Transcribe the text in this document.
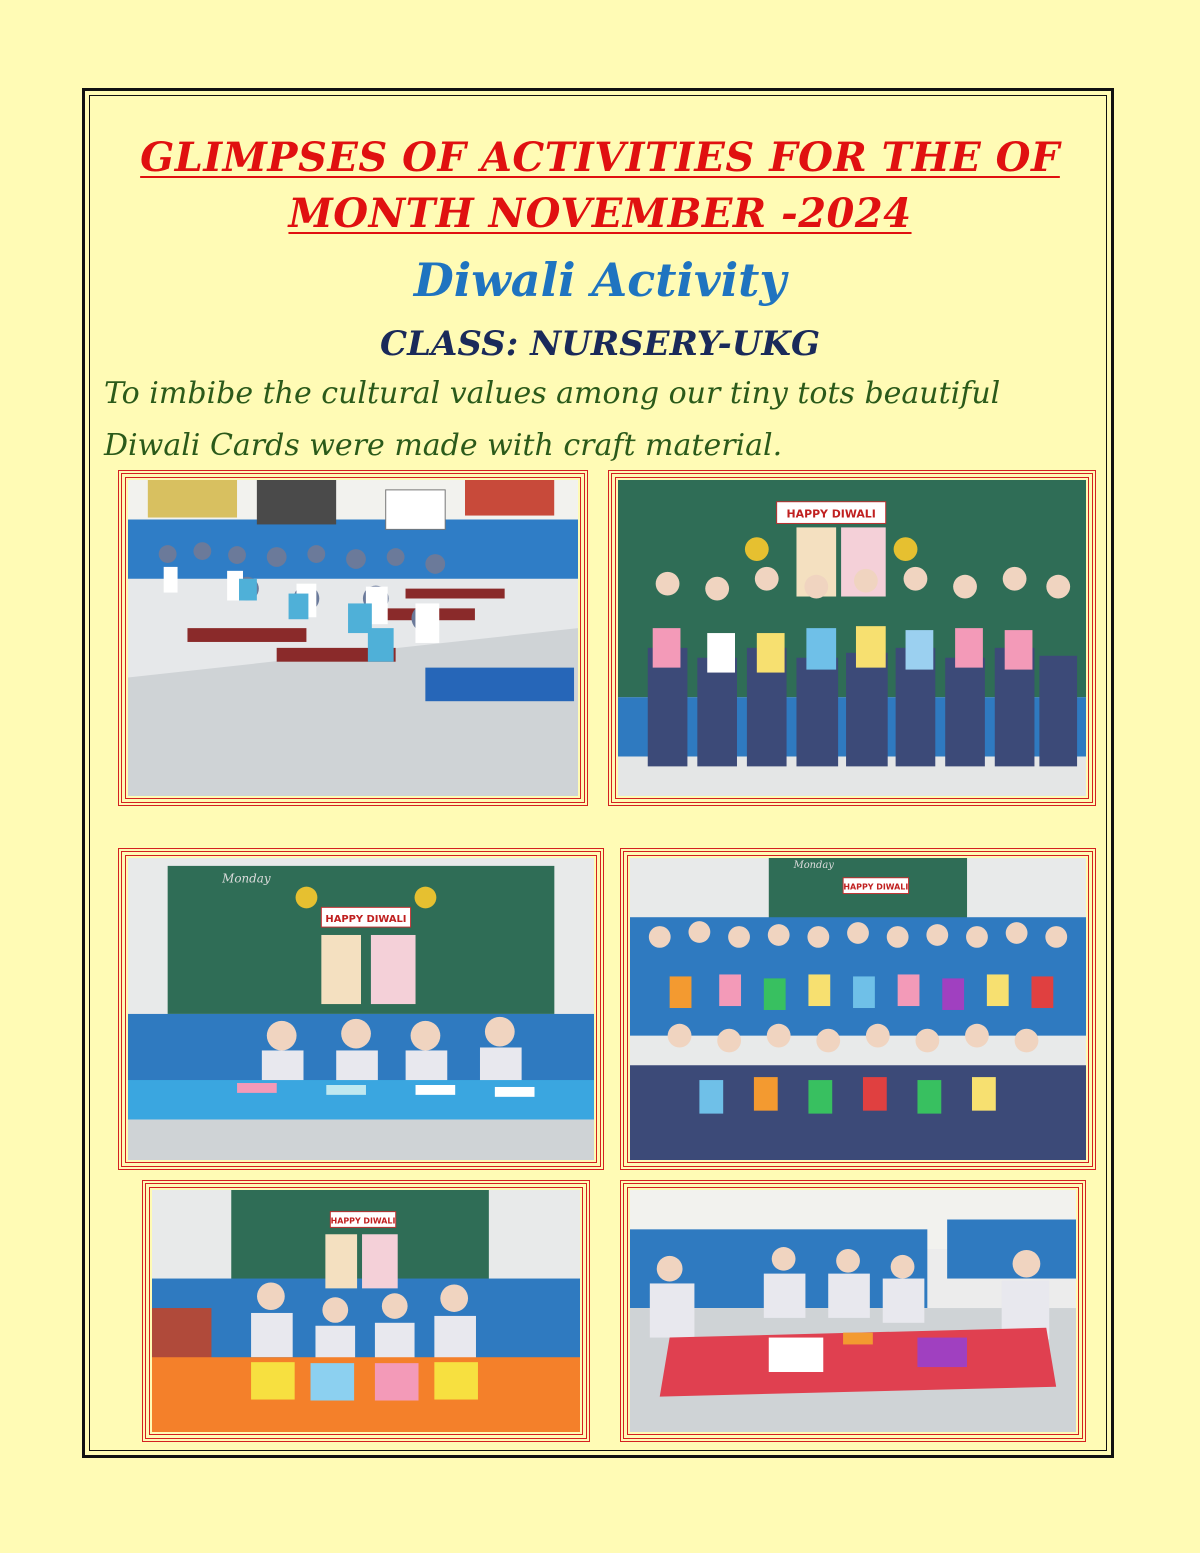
GLIMPSES OF ACTIVITIES FOR THE OF
MONTH NOVEMBER -2024
Diwali Activity
CLASS: NURSERY-UKG

To imbibe the cultural values among our tiny tots beautiful
Diwali Cards were made with craft material.

HAPPY DIWALI
Monday
HAPPY DIWALI
Monday
HAPPY DIWALI
HAPPY DIWALI
